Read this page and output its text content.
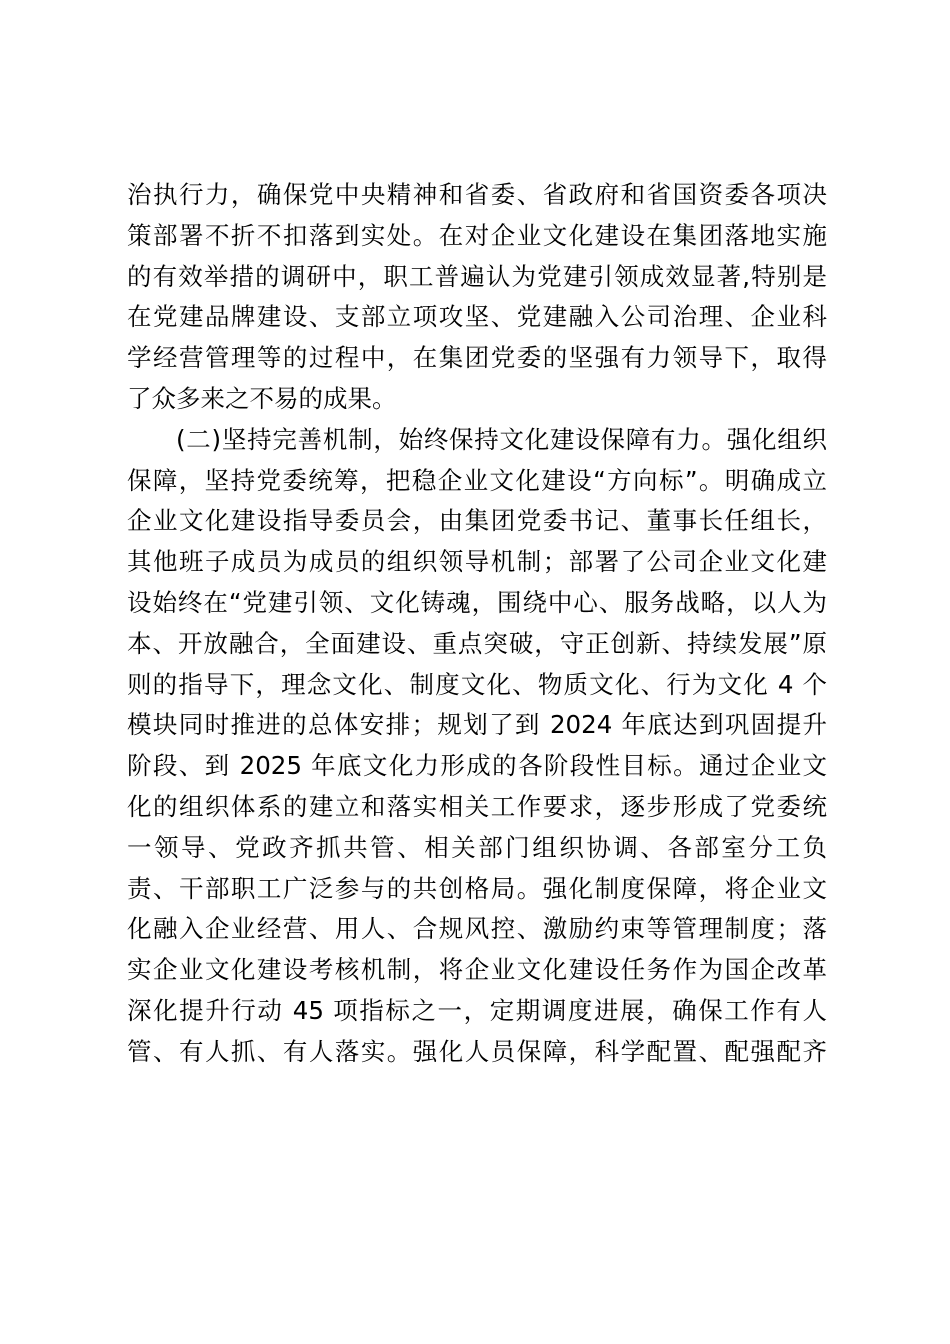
治执行力，确保党中央精神和省委、省政府和省国资委各项决
策部署不折不扣落到实处。在对企业文化建设在集团落地实施
的有效举措的调研中，职工普遍认为党建引领成效显著,特别是
在党建品牌建设、支部立项攻坚、党建融入公司治理、企业科
学经营管理等的过程中，在集团党委的坚强有力领导下，取得
了众多来之不易的成果。
(二)坚持完善机制，始终保持文化建设保障有力。强化组织
保障，坚持党委统筹，把稳企业文化建设“方向标”。明确成立
企业文化建设指导委员会，由集团党委书记、董事长任组长，
其他班子成员为成员的组织领导机制；部署了公司企业文化建
设始终在“党建引领、文化铸魂，围绕中心、服务战略，以人为
本、开放融合，全面建设、重点突破，守正创新、持续发展”原
则的指导下，理念文化、制度文化、物质文化、行为文化 4 个
模块同时推进的总体安排；规划了到 2024 年底达到巩固提升
阶段、到 2025 年底文化力形成的各阶段性目标。通过企业文
化的组织体系的建立和落实相关工作要求，逐步形成了党委统
一领导、党政齐抓共管、相关部门组织协调、各部室分工负
责、干部职工广泛参与的共创格局。强化制度保障，将企业文
化融入企业经营、用人、合规风控、激励约束等管理制度；落
实企业文化建设考核机制，将企业文化建设任务作为国企改革
深化提升行动 45 项指标之一，定期调度进展，确保工作有人
管、有人抓、有人落实。强化人员保障，科学配置、配强配齐
